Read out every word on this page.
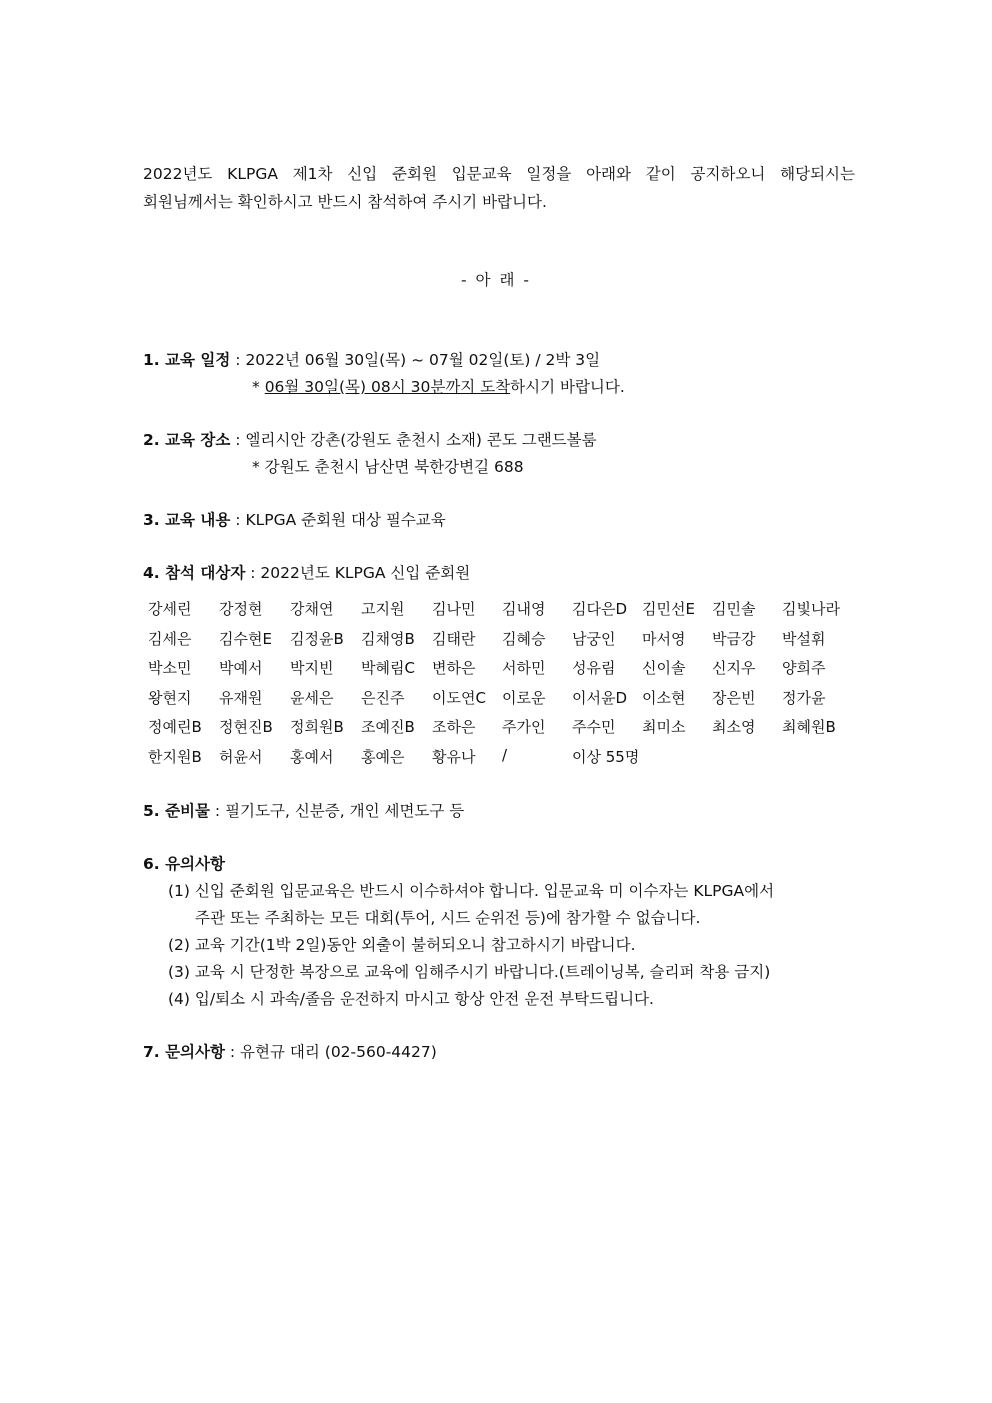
2022년도 KLPGA 제1차 신입 준회원 입문교육 일정을 아래와 같이 공지하오니 해당되시는

회원님께서는 확인하시고 반드시 참석하여 주시기 바랍니다.

- 아 래 -
1. 교육 일정 : 2022년 06월 30일(목) ~ 07월 02일(토) / 2박 3일
* 06월 30일(목) 08시 30분까지 도착하시기 바랍니다.
2. 교육 장소 : 엘리시안 강촌(강원도 춘천시 소재) 콘도 그랜드볼룸
* 강원도 춘천시 남산면 북한강변길 688
3. 교육 내용 : KLPGA 준회원 대상 필수교육
4. 참석 대상자 : 2022년도 KLPGA 신입 준회원
강세린 강정현 강채연 고지원 김나민 김내영 김다은D 김민선E 김민솔 김빛나라
김세은 김수현E 김정윤B 김채영B 김태란 김혜승 남궁인 마서영 박금강 박설휘
박소민 박예서 박지빈 박혜림C 변하은 서하민 성유림 신이솔 신지우 양희주
왕현지 유재원 윤세은 은진주 이도연C 이로운 이서윤D 이소현 장은빈 정가윤
정예린B 정현진B 정희원B 조예진B 조하은 주가인 주수민 최미소 최소영 최혜원B
한지원B 허윤서 홍예서 홍예은 황유나 /	이상 55명
5. 준비물 : 필기도구, 신분증, 개인 세면도구 등
6. 유의사항
(1) 신입 준회원 입문교육은 반드시 이수하셔야 합니다. 입문교육 미 이수자는 KLPGA에서
주관 또는 주최하는 모든 대회(투어, 시드 순위전 등)에 참가할 수 없습니다.
(2) 교육 기간(1박 2일)동안 외출이 불허되오니 참고하시기 바랍니다.
(3) 교육 시 단정한 복장으로 교육에 임해주시기 바랍니다.(트레이닝복, 슬리퍼 착용 금지)
(4) 입/퇴소 시 과속/졸음 운전하지 마시고 항상 안전 운전 부탁드립니다.
7. 문의사항 : 유현규 대리 (02-560-4427)
